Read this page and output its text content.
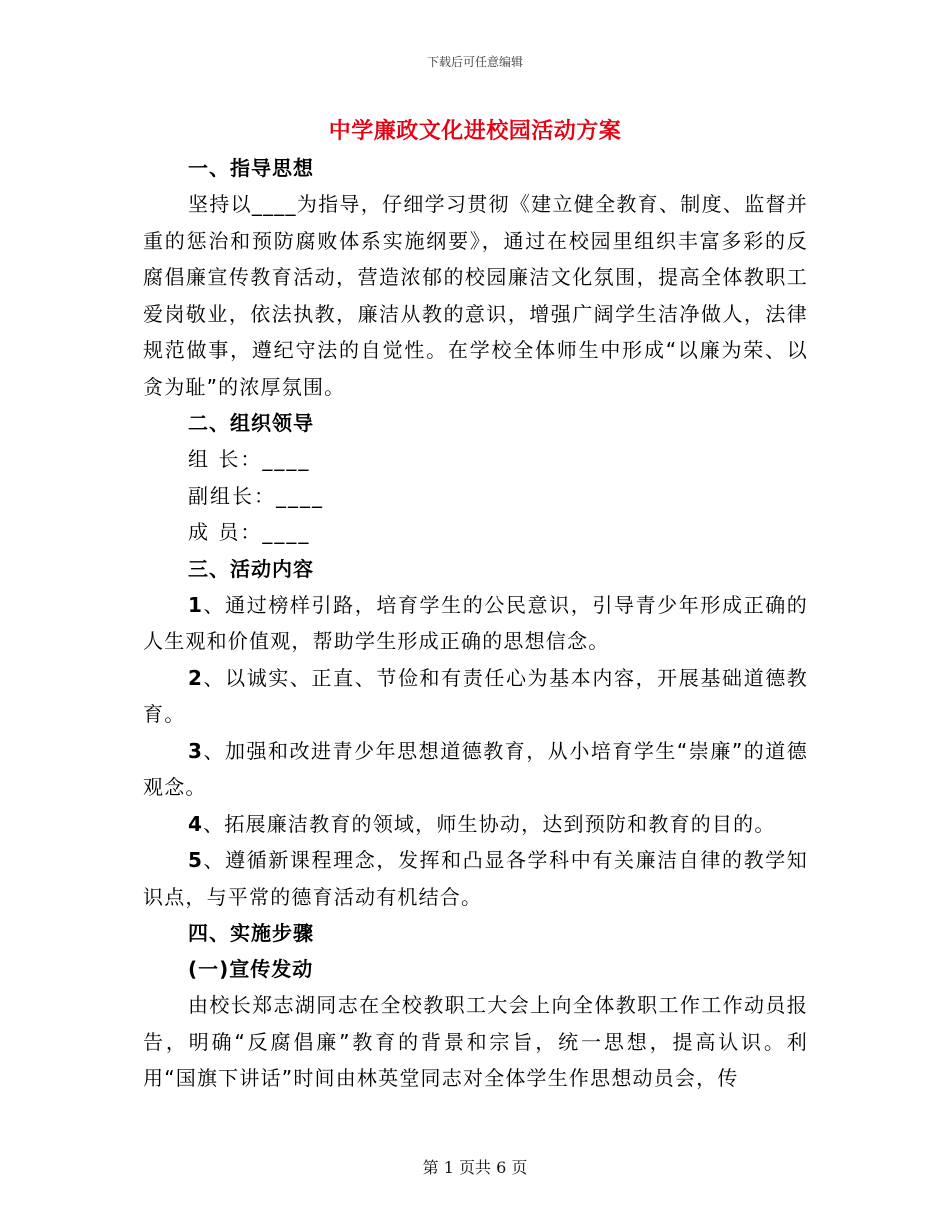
下载后可任意编辑
中学廉政文化进校园活动方案
一、指导思想
坚持以____为指导，仔细学习贯彻《建立健全教育、制度、监督并重的惩治和预防腐败体系实施纲要》，通过在校园里组织丰富多彩的反腐倡廉宣传教育活动，营造浓郁的校园廉洁文化氛围，提高全体教职工爱岗敬业，依法执教，廉洁从教的意识，增强广阔学生洁净做人，法律规范做事，遵纪守法的自觉性。在学校全体师生中形成“以廉为荣、以贪为耻”的浓厚氛围。
二、组织领导
组 长：____
副组长：____
成 员：____
三、活动内容
1、通过榜样引路，培育学生的公民意识，引导青少年形成正确的人生观和价值观，帮助学生形成正确的思想信念。
2、以诚实、正直、节俭和有责任心为基本内容，开展基础道德教育。
3、加强和改进青少年思想道德教育，从小培育学生“崇廉”的道德观念。
4、拓展廉洁教育的领域，师生协动，达到预防和教育的目的。
5、遵循新课程理念，发挥和凸显各学科中有关廉洁自律的教学知识点，与平常的德育活动有机结合。
四、实施步骤
(一)宣传发动
由校长郑志湖同志在全校教职工大会上向全体教职工作工作动员报告，明确“反腐倡廉”教育的背景和宗旨，统一思想，提高认识。利用“国旗下讲话”时间由林英堂同志对全体学生作思想动员会，传
第 1 页共 6 页
